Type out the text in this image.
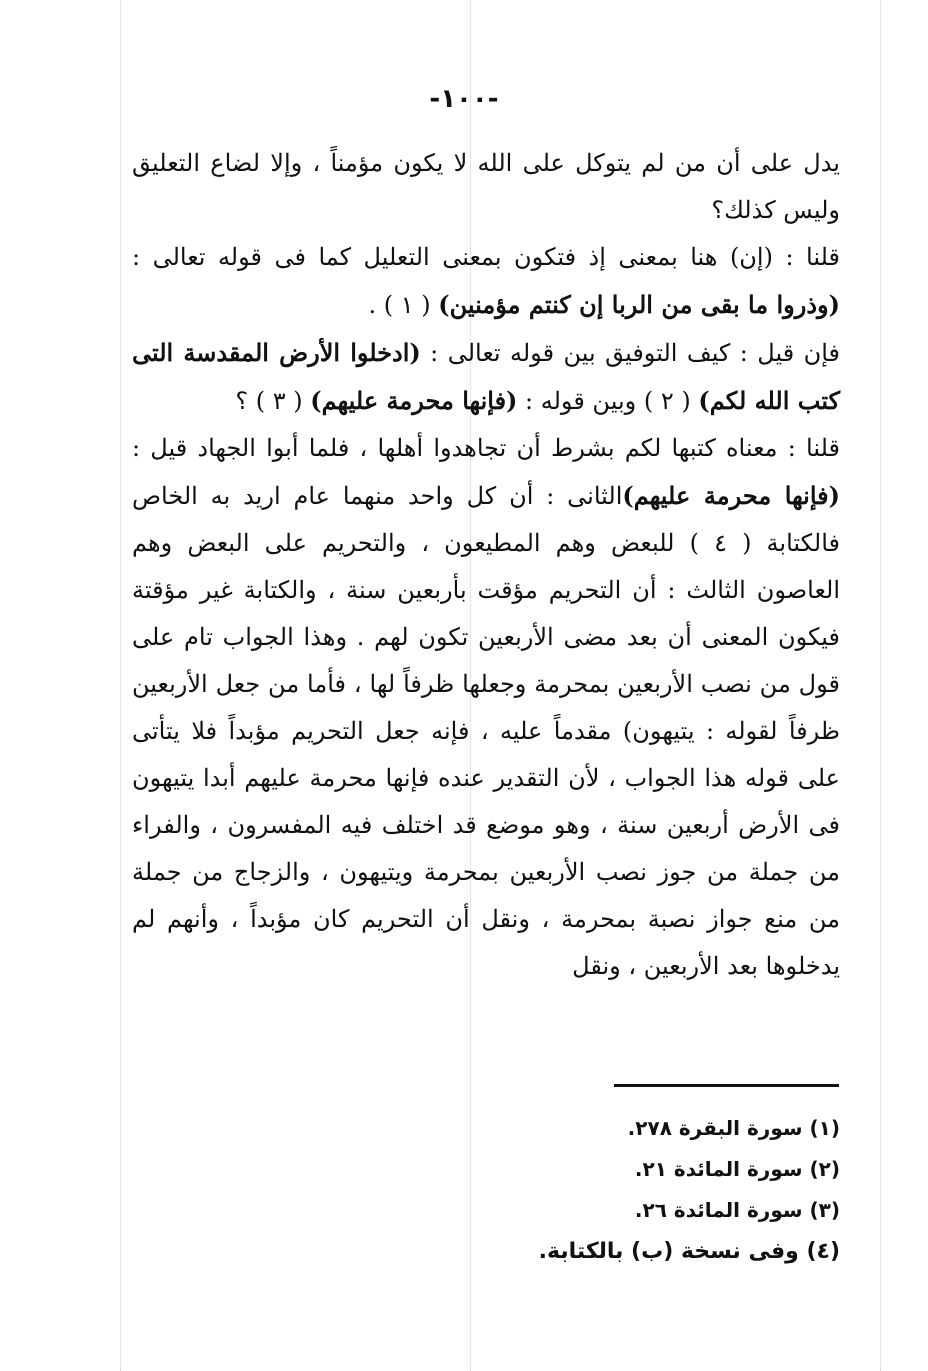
-١٠٠-

يدل على أن من لم يتوكل على الله لا يكون مؤمناً ، وإلا لضاع التعليق وليس كذلك؟

قلنا : (إن) هنا بمعنى إذ فتكون بمعنى التعليل كما فى قوله تعالى : (وذروا ما بقى من الربا إن كنتم مؤمنين) ( ١ ) .

فإن قيل : كيف التوفيق بين قوله تعالى : (ادخلوا الأرض المقدسة التى كتب الله لكم) ( ٢ ) وبين قوله : (فإنها محرمة عليهم) ( ٣ ) ؟

قلنا : معناه كتبها لكم بشرط أن تجاهدوا أهلها ، فلما أبوا الجهاد قيل : (فإنها محرمة عليهم)الثانى : أن كل واحد منهما عام اريد به الخاص فالكتابة ( ٤ ) للبعض وهم المطيعون ، والتحريم على البعض وهم العاصون الثالث : أن التحريم مؤقت بأربعين سنة ، والكتابة غير مؤقتة فيكون المعنى أن بعد مضى الأربعين تكون لهم . وهذا الجواب تام على قول من نصب الأربعين بمحرمة وجعلها ظرفاً لها ، فأما من جعل الأربعين ظرفاً لقوله : يتيهون) مقدماً عليه ، فإنه جعل التحريم مؤبداً فلا يتأتى على قوله هذا الجواب ، لأن التقدير عنده فإنها محرمة عليهم أبدا يتيهون فى الأرض أربعين سنة ، وهو موضع قد اختلف فيه المفسرون ، والفراء من جملة من جوز نصب الأربعين بمحرمة ويتيهون ، والزجاج من جملة من منع جواز نصبة بمحرمة ، ونقل أن التحريم كان مؤبداً ، وأنهم لم يدخلوها بعد الأربعين ، ونقل

(١) سورة البقرة ٢٧٨.
(٢) سورة المائدة ٢١.
(٣) سورة المائدة ٢٦.
(٤) وفى نسخة (ب) بالكتابة.
